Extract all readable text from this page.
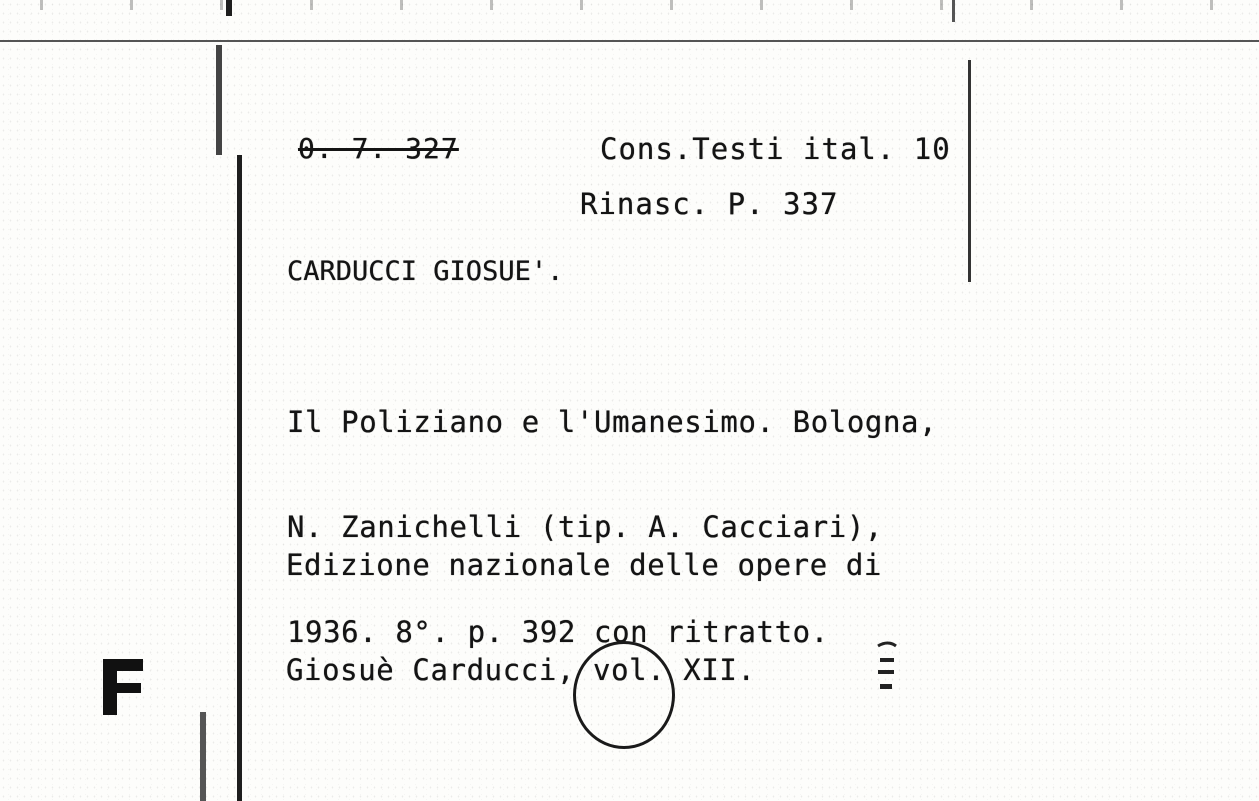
0. 7. 327	Cons.Testi ital. 10
Rinasc. P. 337
CARDUCCI GIOSUE'.

Il Poliziano e l'Umanesimo. Bologna,

N. Zanichelli (tip. A. Cacciari),

1936. 8°. p. 392 con ritratto.

Edizione nazionale delle opere di

Giosuè Carducci, vol. XII.
